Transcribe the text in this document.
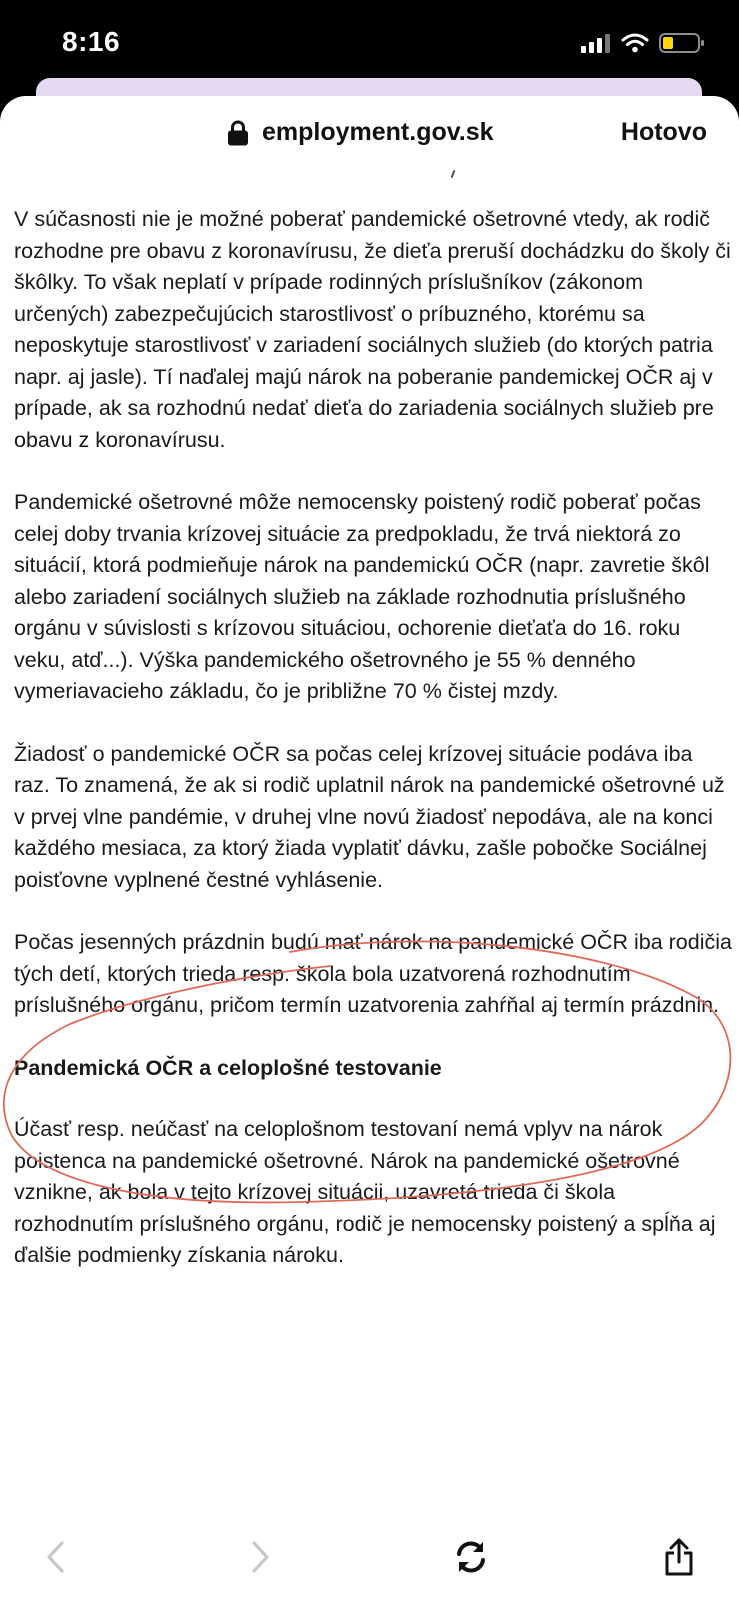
8:16
employment.gov.sk	Hotovo

V súčasnosti nie je možné poberať pandemické ošetrovné vtedy, ak rodič rozhodne pre obavu z koronavírusu, že dieťa preruší dochádzku do školy či škôlky. To však neplatí v prípade rodinných príslušníkov (zákonom určených) zabezpečujúcich starostlivosť o príbuzného, ktorému sa neposkytuje starostlivosť v zariadení sociálnych služieb (do ktorých patria napr. aj jasle). Tí naďalej majú nárok na poberanie pandemickej OČR aj v prípade, ak sa rozhodnú nedať dieťa do zariadenia sociálnych služieb pre obavu z koronavírusu.

Pandemické ošetrovné môže nemocensky poistený rodič poberať počas celej doby trvania krízovej situácie za predpokladu, že trvá niektorá zo situácií, ktorá podmieňuje nárok na pandemickú OČR (napr. zavretie škôl alebo zariadení sociálnych služieb na základe rozhodnutia príslušného orgánu v súvislosti s krízovou situáciou, ochorenie dieťaťa do 16. roku veku, atď...). Výška pandemického ošetrovného je 55 % denného vymeriavacieho základu, čo je približne 70 % čistej mzdy.

Žiadosť o pandemické OČR sa počas celej krízovej situácie podáva iba raz. To znamená, že ak si rodič uplatnil nárok na pandemické ošetrovné už v prvej vlne pandémie, v druhej vlne novú žiadosť nepodáva, ale na konci každého mesiaca, za ktorý žiada vyplatiť dávku, zašle pobočke Sociálnej poisťovne vyplnené čestné vyhlásenie.

Počas jesenných prázdnin budú mať nárok na pandemické OČR iba rodičia tých detí, ktorých trieda resp. škola bola uzatvorená rozhodnutím príslušného orgánu, pričom termín uzatvorenia zahŕňal aj termín prázdnin.

Pandemická OČR a celoplošné testovanie

Účasť resp. neúčasť na celoplošnom testovaní nemá vplyv na nárok poistenca na pandemické ošetrovné. Nárok na pandemické ošetrovné vznikne, ak bola v tejto krízovej situácii, uzavretá trieda či škola rozhodnutím príslušného orgánu, rodič je nemocensky poistený a spĺňa aj ďalšie podmienky získania nároku.
